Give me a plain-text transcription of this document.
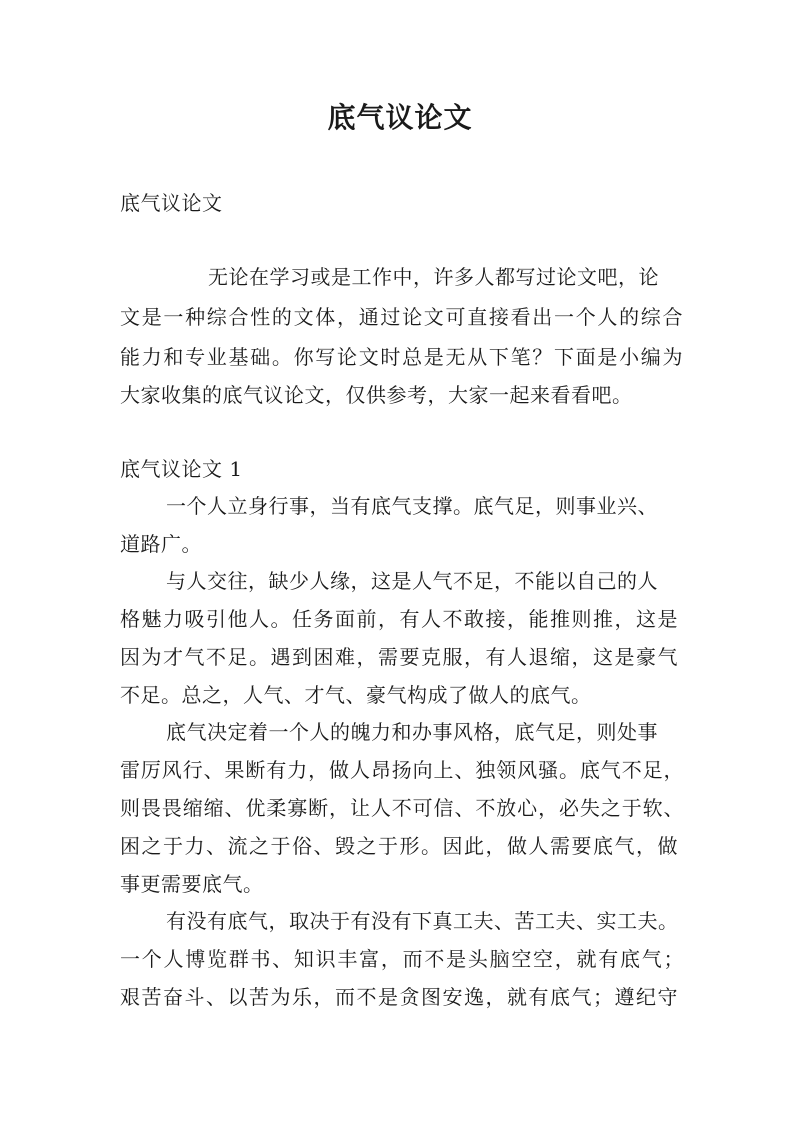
底气议论文
底气议论文
无论在学习或是工作中，许多人都写过论文吧，论
文是一种综合性的文体，通过论文可直接看出一个人的综合
能力和专业基础。你写论文时总是无从下笔？下面是小编为
大家收集的底气议论文，仅供参考，大家一起来看看吧。
底气议论文 1
一个人立身行事，当有底气支撑。底气足，则事业兴、
道路广。
与人交往，缺少人缘，这是人气不足，不能以自己的人
格魅力吸引他人。任务面前，有人不敢接，能推则推，这是
因为才气不足。遇到困难，需要克服，有人退缩，这是豪气
不足。总之，人气、才气、豪气构成了做人的底气。
底气决定着一个人的魄力和办事风格，底气足，则处事
雷厉风行、果断有力，做人昂扬向上、独领风骚。底气不足，
则畏畏缩缩、优柔寡断，让人不可信、不放心，必失之于软、
困之于力、流之于俗、毁之于形。因此，做人需要底气，做
事更需要底气。
有没有底气，取决于有没有下真工夫、苦工夫、实工夫。
一个人博览群书、知识丰富，而不是头脑空空，就有底气；
艰苦奋斗、以苦为乐，而不是贪图安逸，就有底气；遵纪守
